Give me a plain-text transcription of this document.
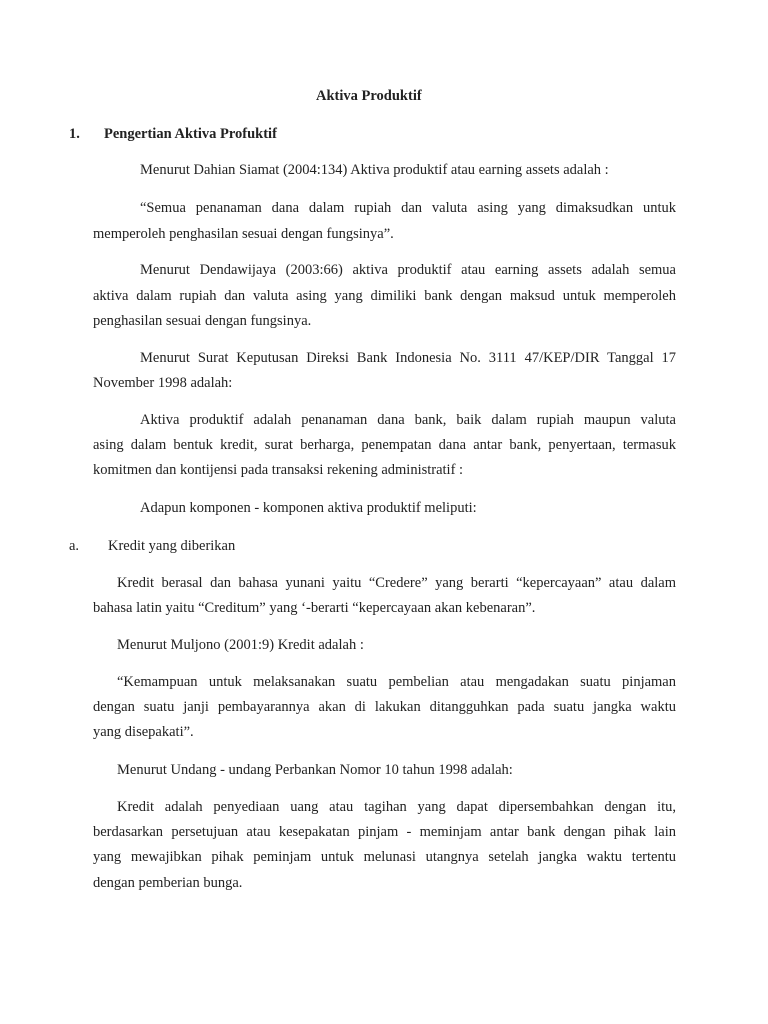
Aktiva Produktif
1. Pengertian Aktiva Profuktif
Menurut Dahian Siamat (2004:134) Aktiva produktif atau earning assets adalah :
“Semua penanaman dana dalam rupiah dan valuta asing yang dimaksudkan untuk
memperoleh penghasilan sesuai dengan fungsinya”.
Menurut Dendawijaya (2003:66) aktiva produktif atau earning assets adalah semua
aktiva dalam rupiah dan valuta asing yang dimiliki bank dengan maksud untuk memperoleh
penghasilan sesuai dengan fungsinya.
Menurut Surat Keputusan Direksi Bank Indonesia No. 3111 47/KEP/DIR Tanggal 17
November 1998 adalah:
Aktiva produktif adalah penanaman dana bank, baik dalam rupiah maupun valuta
asing dalam bentuk kredit, surat berharga, penempatan dana antar bank, penyertaan, termasuk
komitmen dan kontijensi pada transaksi rekening administratif :
Adapun komponen - komponen aktiva produktif meliputi:
a. Kredit yang diberikan
Kredit berasal dan bahasa yunani yaitu “Credere” yang berarti “kepercayaan” atau dalam
bahasa latin yaitu “Creditum” yang ‘-berarti “kepercayaan akan kebenaran”.
Menurut Muljono (2001:9) Kredit adalah :
“Kemampuan untuk melaksanakan suatu pembelian atau mengadakan suatu pinjaman
dengan suatu janji pembayarannya akan di lakukan ditangguhkan pada suatu jangka waktu
yang disepakati”.
Menurut Undang - undang Perbankan Nomor 10 tahun 1998 adalah:
Kredit adalah penyediaan uang atau tagihan yang dapat dipersembahkan dengan itu,
berdasarkan persetujuan atau kesepakatan pinjam - meminjam antar bank dengan pihak lain
yang mewajibkan pihak peminjam untuk melunasi utangnya setelah jangka waktu tertentu
dengan pemberian bunga.
